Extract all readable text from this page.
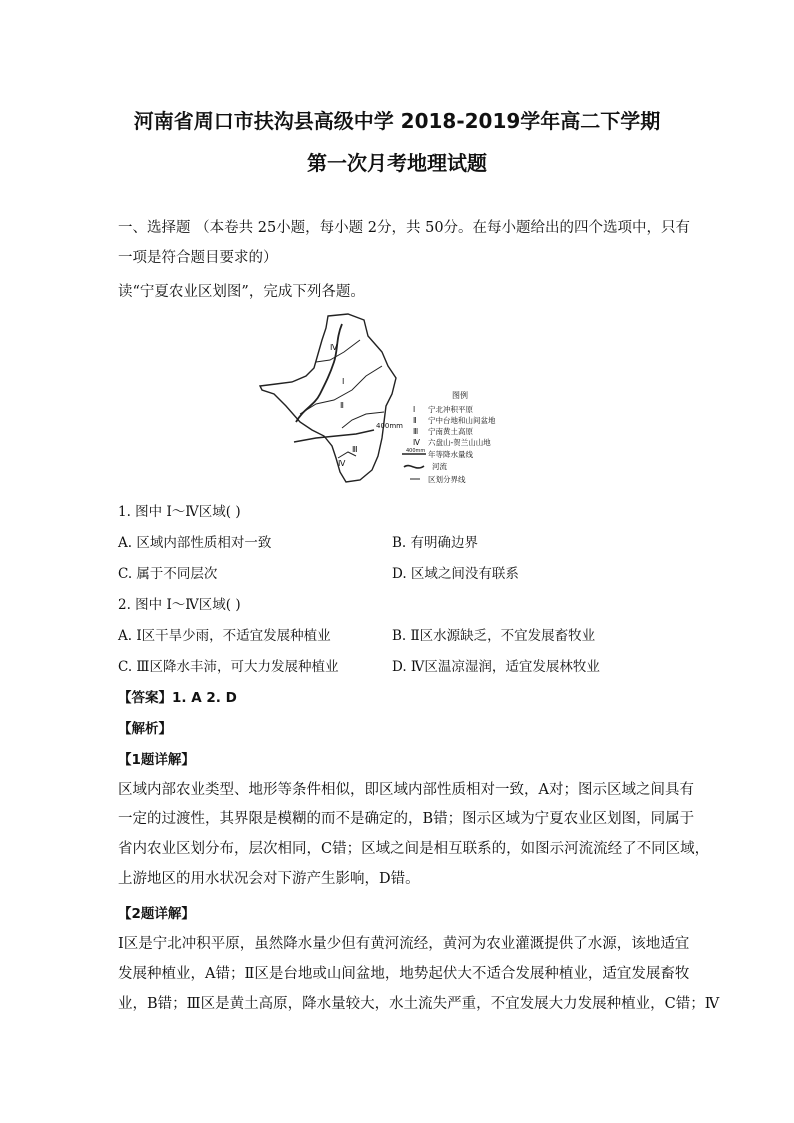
河南省周口市扶沟县高级中学 2018-2019学年高二下学期
第一次月考地理试题
一、选择题 （本卷共 25小题，每小题 2分，共 50分。在每小题给出的四个选项中，只有
一项是符合题目要求的）
读“宁夏农业区划图”，完成下列各题。
Ⅳ
Ⅰ
Ⅱ
Ⅲ
Ⅳ
400mm
图例
Ⅰ 宁北冲积平原
Ⅱ 宁中台地和山间盆地
Ⅲ 宁南黄土高原
Ⅳ 六盘山-贺兰山山地
400mm 年等降水量线
河流
区划分界线
1. 图中 Ⅰ～Ⅳ区域( )
A. 区域内部性质相对一致	B. 有明确边界
C. 属于不同层次	D. 区域之间没有联系
2. 图中 Ⅰ～Ⅳ区域( )
A. Ⅰ区干旱少雨，不适宜发展种植业	B. Ⅱ区水源缺乏，不宜发展畜牧业
C. Ⅲ区降水丰沛，可大力发展种植业	D. Ⅳ区温凉湿润，适宜发展林牧业
【答案】1. A 2. D
【解析】
【1题详解】
区域内部农业类型、地形等条件相似，即区域内部性质相对一致，A对；图示区域之间具有
一定的过渡性，其界限是模糊的而不是确定的，B错；图示区域为宁夏农业区划图，同属于
省内农业区划分布，层次相同，C错；区域之间是相互联系的，如图示河流流经了不同区域，
上游地区的用水状况会对下游产生影响，D错。
【2题详解】
Ⅰ区是宁北冲积平原，虽然降水量少但有黄河流经，黄河为农业灌溉提供了水源，该地适宜
发展种植业，A错；Ⅱ区是台地或山间盆地，地势起伏大不适合发展种植业，适宜发展畜牧
业，B错；Ⅲ区是黄土高原，降水量较大，水土流失严重，不宜发展大力发展种植业，C错；Ⅳ
